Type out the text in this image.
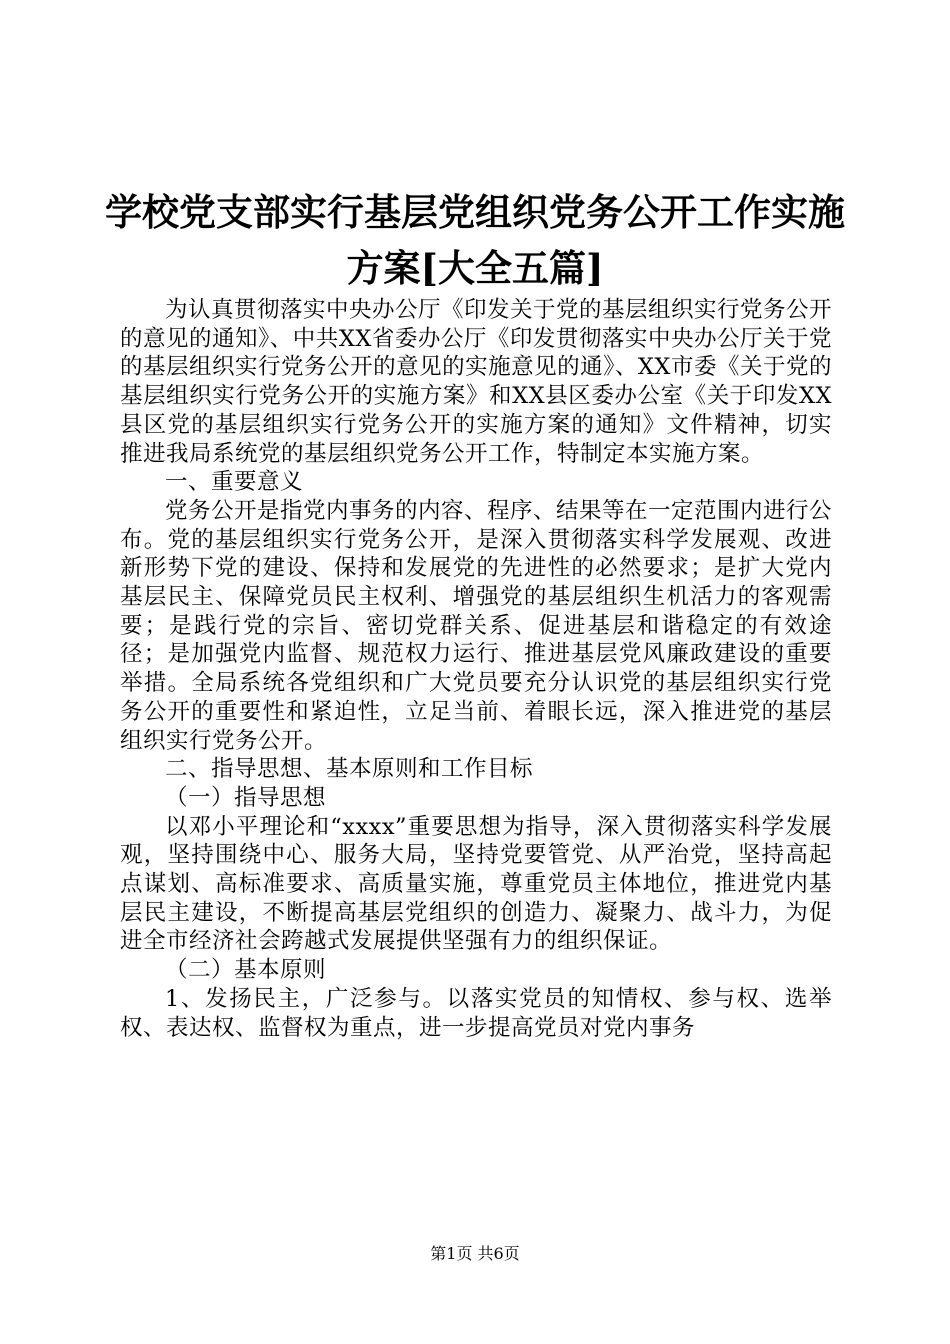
学校党支部实行基层党组织党务公开工作实施
方案[大全五篇]

为认真贯彻落实中央办公厅《印发关于党的基层组织实行党务公开的意见的通知》、中共XX省委办公厅《印发贯彻落实中央办公厅关于党的基层组织实行党务公开的意见的实施意见的通》、XX市委《关于党的基层组织实行党务公开的实施方案》和XX县区委办公室《关于印发XX县区党的基层组织实行党务公开的实施方案的通知》文件精神，切实推进我局系统党的基层组织党务公开工作，特制定本实施方案。

一、重要意义

党务公开是指党内事务的内容、程序、结果等在一定范围内进行公布。党的基层组织实行党务公开，是深入贯彻落实科学发展观、改进新形势下党的建设、保持和发展党的先进性的必然要求；是扩大党内基层民主、保障党员民主权利、增强党的基层组织生机活力的客观需要；是践行党的宗旨、密切党群关系、促进基层和谐稳定的有效途径；是加强党内监督、规范权力运行、推进基层党风廉政建设的重要举措。全局系统各党组织和广大党员要充分认识党的基层组织实行党务公开的重要性和紧迫性，立足当前、着眼长远，深入推进党的基层组织实行党务公开。

二、指导思想、基本原则和工作目标

（一）指导思想

以邓小平理论和“xxxx”重要思想为指导，深入贯彻落实科学发展观，坚持围绕中心、服务大局，坚持党要管党、从严治党，坚持高起点谋划、高标准要求、高质量实施，尊重党员主体地位，推进党内基层民主建设，不断提高基层党组织的创造力、凝聚力、战斗力，为促进全市经济社会跨越式发展提供坚强有力的组织保证。

（二）基本原则

1、发扬民主，广泛参与。以落实党员的知情权、参与权、选举权、表达权、监督权为重点，进一步提高党员对党内事务

第1页 共6页
